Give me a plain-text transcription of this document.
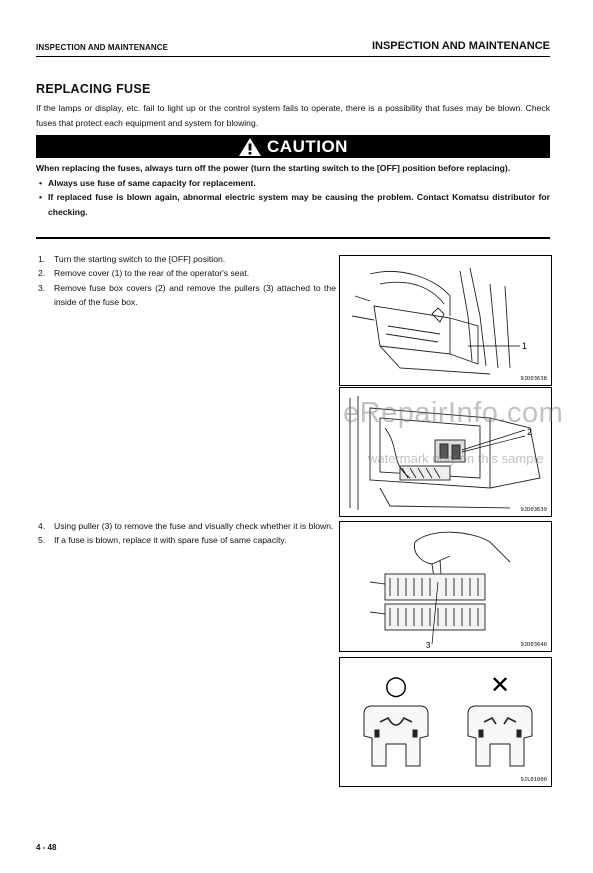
INSPECTION AND MAINTENANCE	INSPECTION AND MAINTENANCE
REPLACING FUSE
If the lamps or display, etc. fail to light up or the control system fails to operate, there is a possibility that fuses may be blown. Check fuses that protect each equipment and system for blowing.
CAUTION
When replacing the fuses, always turn off the power (turn the starting switch to the [OFF] position before replacing).
• Always use fuse of same capacity for replacement.
• If replaced fuse is blown again, abnormal electric system may be causing the problem. Contact Komatsu distributor for checking.
1. Turn the starting switch to the [OFF] position.
2. Remove cover (1) to the rear of the operator's seat.
3. Remove fuse box covers (2) and remove the pullers (3) attached to the inside of the fuse box.
4. Using puller (3) to remove the fuse and visually check whether it is blown.
5. If a fuse is blown, replace it with spare fuse of same capacity.
1
9JD03638
2
9JD03639
3	9JD03640
○	✕
9JL01000
eRepairInfo.com
watermark only on this sample
4 - 48
